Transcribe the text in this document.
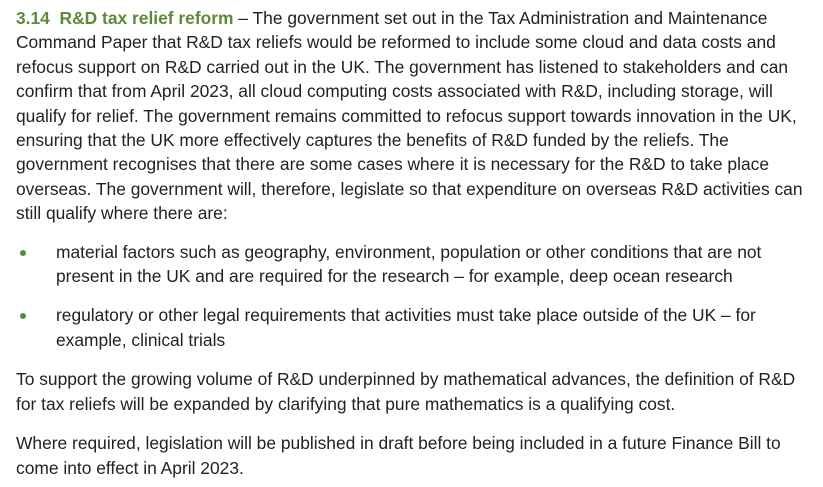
3.14 R&D tax relief reform – The government set out in the Tax Administration and Maintenance Command Paper that R&D tax reliefs would be reformed to include some cloud and data costs and refocus support on R&D carried out in the UK. The government has listened to stakeholders and can confirm that from April 2023, all cloud computing costs associated with R&D, including storage, will qualify for relief. The government remains committed to refocus support towards innovation in the UK, ensuring that the UK more effectively captures the benefits of R&D funded by the reliefs. The government recognises that there are some cases where it is necessary for the R&D to take place overseas. The government will, therefore, legislate so that expenditure on overseas R&D activities can still qualify where there are:

material factors such as geography, environment, population or other conditions that are not present in the UK and are required for the research – for example, deep ocean research
regulatory or other legal requirements that activities must take place outside of the UK – for example, clinical trials

To support the growing volume of R&D underpinned by mathematical advances, the definition of R&D for tax reliefs will be expanded by clarifying that pure mathematics is a qualifying cost.

Where required, legislation will be published in draft before being included in a future Finance Bill to come into effect in April 2023.
